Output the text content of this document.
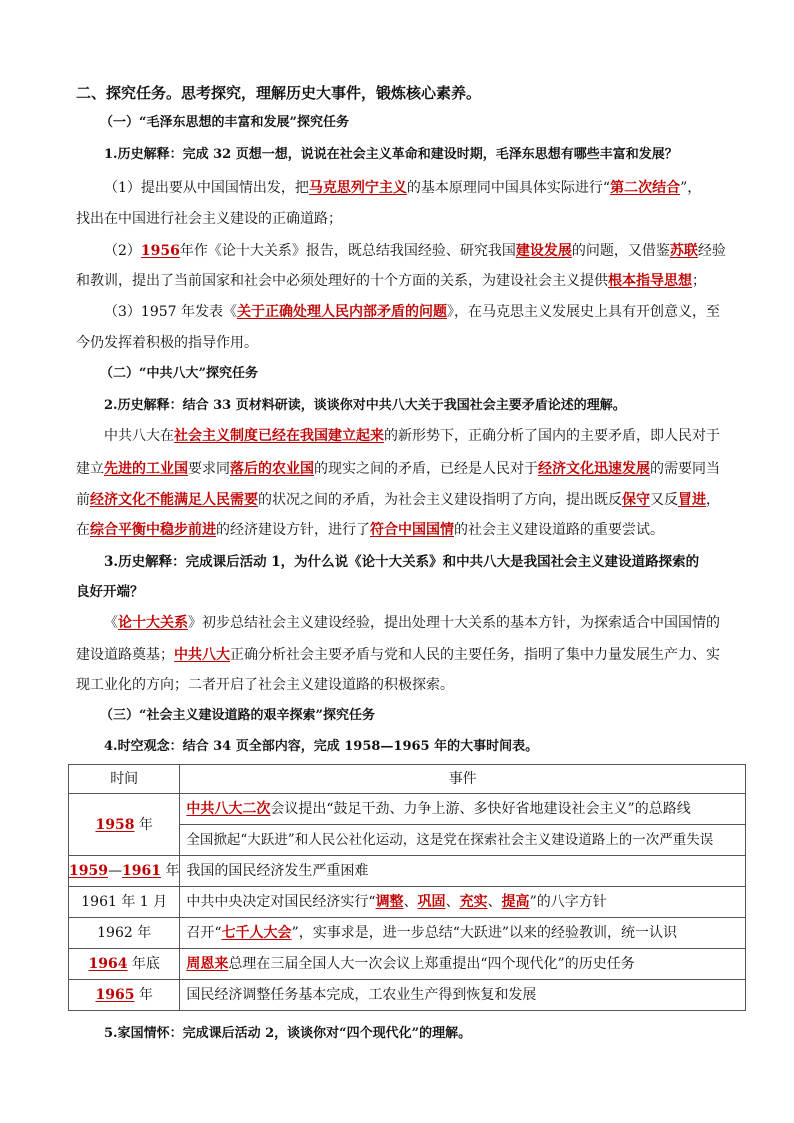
二、探究任务。思考探究，理解历史大事件，锻炼核心素养。
（一）“毛泽东思想的丰富和发展”探究任务
1.历史解释：完成 32 页想一想，说说在社会主义革命和建设时期，毛泽东思想有哪些丰富和发展？
（1）提出要从中国国情出发，把马克思列宁主义的基本原理同中国具体实际进行“第二次结合”，
找出在中国进行社会主义建设的正确道路；
（2）1956年作《论十大关系》报告，既总结我国经验、研究我国建设发展的问题，又借鉴苏联经验
和教训，提出了当前国家和社会中必须处理好的十个方面的关系，为建设社会主义提供根本指导思想；
（3）1957 年发表《关于正确处理人民内部矛盾的问题》，在马克思主义发展史上具有开创意义，至
今仍发挥着积极的指导作用。
（二）“中共八大”探究任务
2.历史解释：结合 33 页材料研读，谈谈你对中共八大关于我国社会主要矛盾论述的理解。
中共八大在社会主义制度已经在我国建立起来的新形势下，正确分析了国内的主要矛盾，即人民对于
建立先进的工业国要求同落后的农业国的现实之间的矛盾，已经是人民对于经济文化迅速发展的需要同当
前经济文化不能满足人民需要的状况之间的矛盾，为社会主义建设指明了方向，提出既反保守又反冒进，
在综合平衡中稳步前进的经济建设方针，进行了符合中国国情的社会主义建设道路的重要尝试。
3.历史解释：完成课后活动 1，为什么说《论十大关系》和中共八大是我国社会主义建设道路探索的
良好开端？
《论十大关系》初步总结社会主义建设经验，提出处理十大关系的基本方针，为探索适合中国国情的
建设道路奠基；中共八大正确分析社会主要矛盾与党和人民的主要任务，指明了集中力量发展生产力、实
现工业化的方向；二者开启了社会主义建设道路的积极探索。
（三）“社会主义建设道路的艰辛探索”探究任务
4.时空观念：结合 34 页全部内容，完成 1958—1965 年的大事时间表。
时间	事件
1958 年	中共八大二次会议提出“鼓足干劲、力争上游、多快好省地建设社会主义”的总路线
	全国掀起“大跃进”和人民公社化运动，这是党在探索社会主义建设道路上的一次严重失误
1959—1961 年	我国的国民经济发生严重困难
1961 年 1 月	中共中央决定对国民经济实行“调整、巩固、充实、提高”的八字方针
1962 年	召开“七千人大会”，实事求是，进一步总结“大跃进”以来的经验教训，统一认识
1964 年底	周恩来总理在三届全国人大一次会议上郑重提出“四个现代化”的历史任务
1965 年	国民经济调整任务基本完成，工农业生产得到恢复和发展
5.家国情怀：完成课后活动 2，谈谈你对“四个现代化”的理解。
